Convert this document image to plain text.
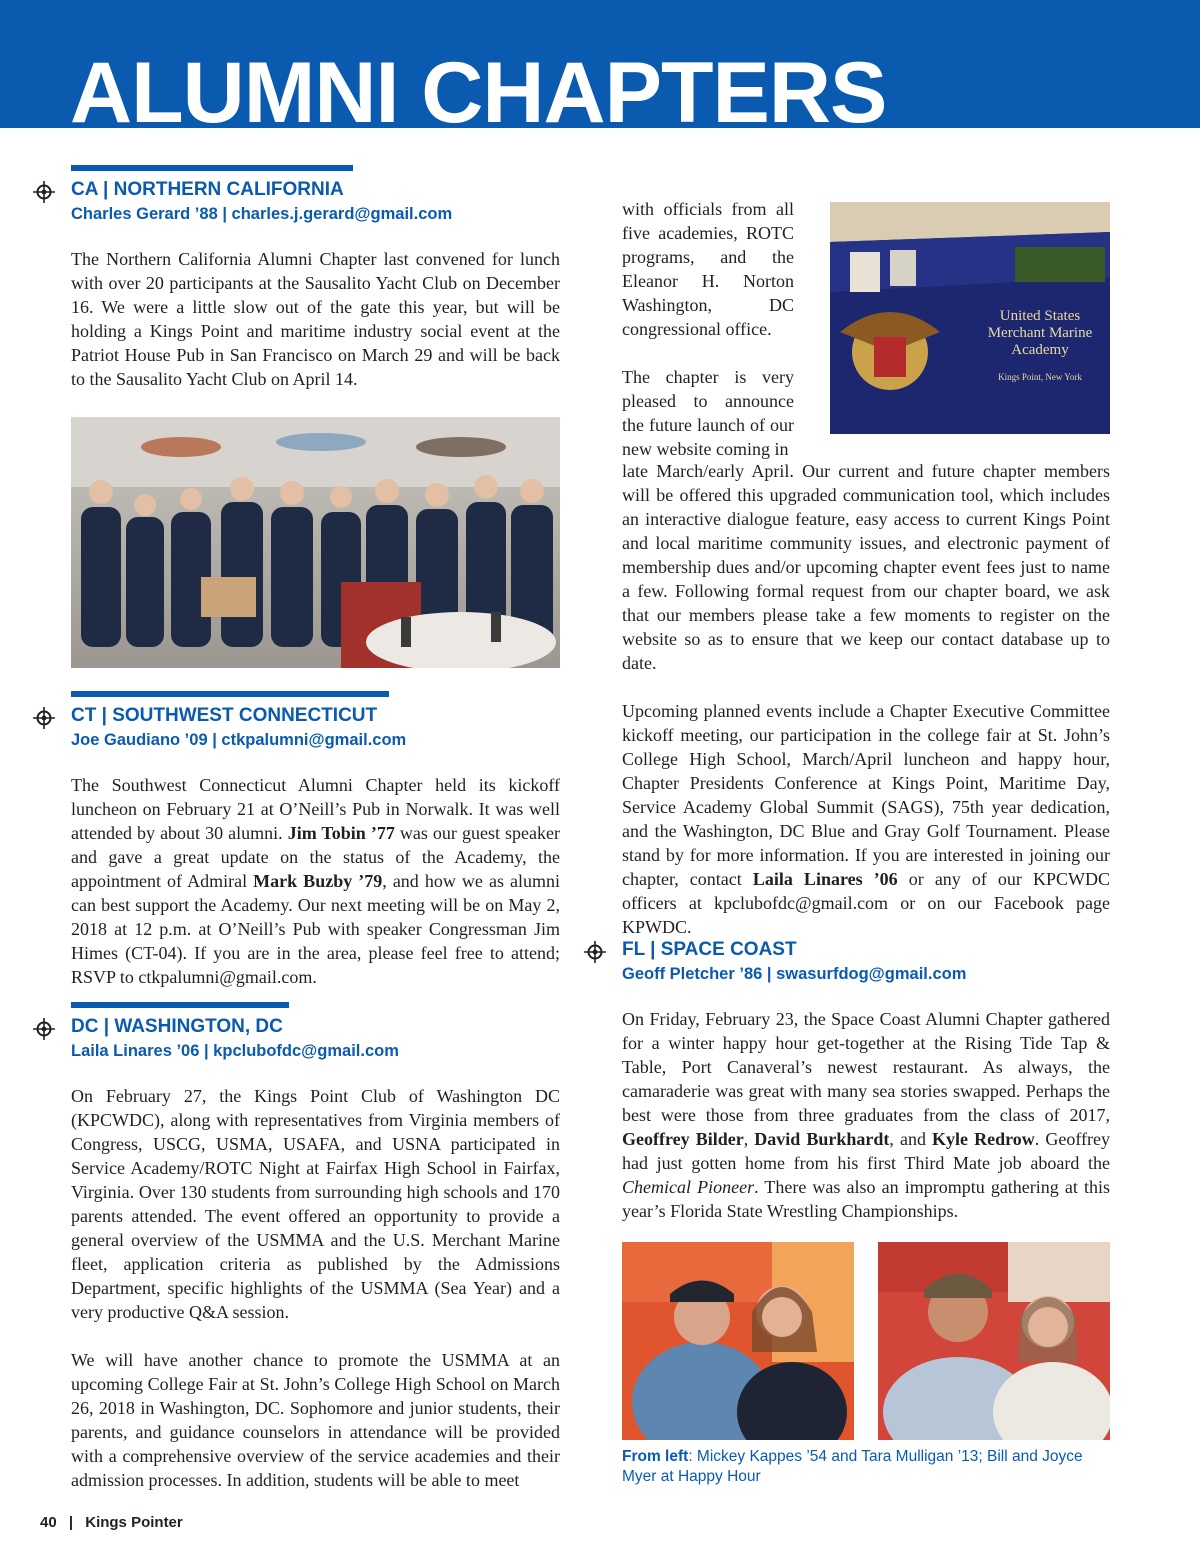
ALUMNI CHAPTERS
CA | NORTHERN CALIFORNIA
Charles Gerard ’88 | charles.j.gerard@gmail.com

The Northern California Alumni Chapter last convened for lunch with over 20 participants at the Sausalito Yacht Club on December 16. We were a little slow out of the gate this year, but will be holding a Kings Point and maritime industry social event at the Patriot House Pub in San Francisco on March 29 and will be back to the Sausalito Yacht Club on April 14.

CT | SOUTHWEST CONNECTICUT
Joe Gaudiano ’09 | ctkpalumni@gmail.com

The Southwest Connecticut Alumni Chapter held its kickoff luncheon on February 21 at O’Neill’s Pub in Norwalk. It was well attended by about 30 alumni. Jim Tobin ’77 was our guest speaker and gave a great update on the status of the Academy, the appointment of Admiral Mark Buzby ’79, and how we as alumni can best support the Academy. Our next meeting will be on May 2, 2018 at 12 p.m. at O’Neill’s Pub with speaker Congressman Jim Himes (CT-04). If you are in the area, please feel free to attend; RSVP to ctkpalumni@gmail.com.

DC | WASHINGTON, DC
Laila Linares ’06 | kpclubofdc@gmail.com

On February 27, the Kings Point Club of Washington DC (KPCWDC), along with representatives from Virginia members of Congress, USCG, USMA, USAFA, and USNA participated in Service Academy/ROTC Night at Fairfax High School in Fairfax, Virginia. Over 130 students from surrounding high schools and 170 parents attended. The event offered an opportunity to provide a general overview of the USMMA and the U.S. Merchant Marine fleet, application criteria as published by the Admissions Department, specific highlights of the USMMA (Sea Year) and a very productive Q&A session.

We will have another chance to promote the USMMA at an upcoming College Fair at St. John’s College High School on March 26, 2018 in Washington, DC. Sophomore and junior students, their parents, and guidance counselors in attendance will be provided with a comprehensive overview of the service academies and their admission processes. In addition, students will be able to meet

with officials from all five academies, ROTC programs, and the Eleanor H. Norton Washington, DC congressional office.

The chapter is very pleased to announce the future launch of our new website coming in

United States
Merchant Marine
Academy
Kings Point, New York

late March/early April. Our current and future chapter members will be offered this upgraded communication tool, which includes an interactive dialogue feature, easy access to current Kings Point and local maritime community issues, and electronic payment of membership dues and/or upcoming chapter event fees just to name a few. Following formal request from our chapter board, we ask that our members please take a few moments to register on the website so as to ensure that we keep our contact database up to date.

Upcoming planned events include a Chapter Executive Committee kickoff meeting, our participation in the college fair at St. John’s College High School, March/April luncheon and happy hour, Chapter Presidents Conference at Kings Point, Maritime Day, Service Academy Global Summit (SAGS), 75th year dedication, and the Washington, DC Blue and Gray Golf Tournament. Please stand by for more information. If you are interested in joining our chapter, contact Laila Linares ’06 or any of our KPCWDC officers at kpclubofdc@gmail.com or on our Facebook page KPWDC.

FL | SPACE COAST
Geoff Pletcher ’86 | swasurfdog@gmail.com

On Friday, February 23, the Space Coast Alumni Chapter gathered for a winter happy hour get-together at the Rising Tide Tap & Table, Port Canaveral’s newest restaurant. As always, the camaraderie was great with many sea stories swapped. Perhaps the best were those from three graduates from the class of 2017, Geoffrey Bilder, David Burkhardt, and Kyle Redrow. Geoffrey had just gotten home from his first Third Mate job aboard the Chemical Pioneer. There was also an impromptu gathering at this year’s Florida State Wrestling Championships.

From left: Mickey Kappes ’54 and Tara Mulligan ’13; Bill and Joyce Myer at Happy Hour
40 | Kings Pointer
